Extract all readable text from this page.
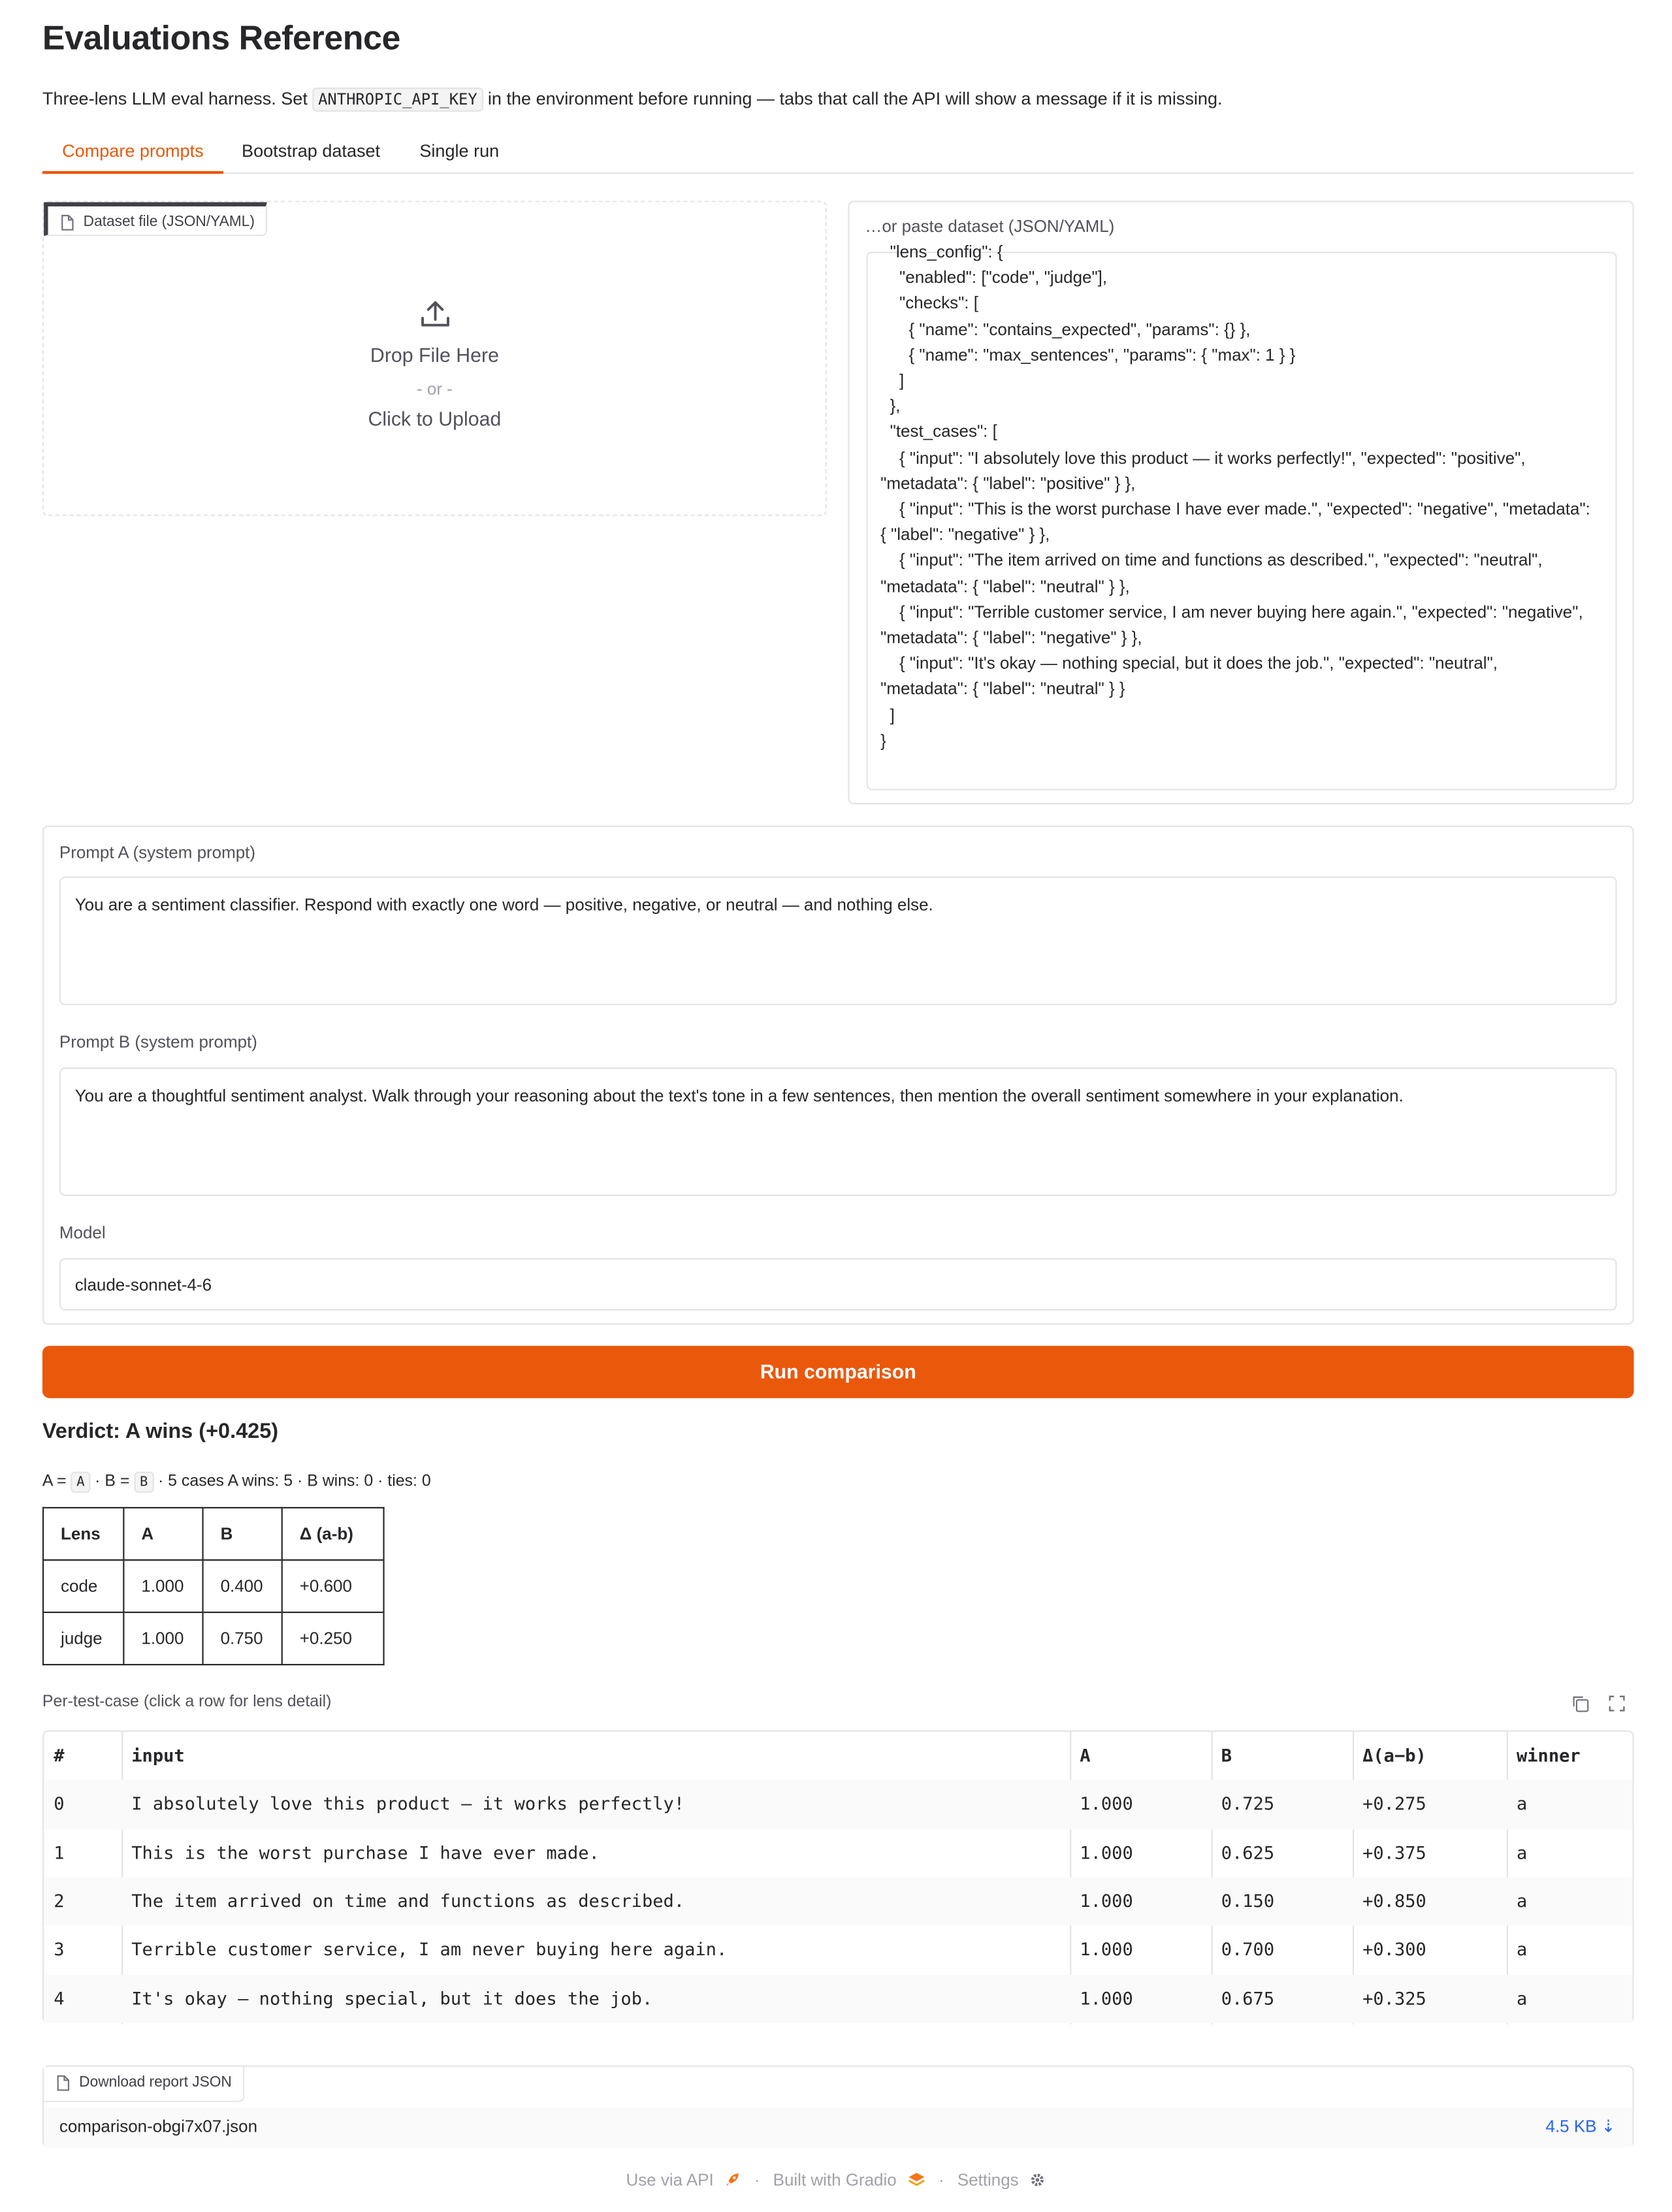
Evaluations Reference
Three-lens LLM eval harness. Set ANTHROPIC_API_KEY in the environment before running — tabs that call the API will show a message if it is missing.
Compare prompts	Bootstrap dataset	Single run
Dataset file (JSON/YAML)
Drop File Here
- or -
Click to Upload
…or paste dataset (JSON/YAML)
"lens_config": {
"enabled": ["code", "judge"],
"checks": [
{ "name": "contains_expected", "params": {} },
{ "name": "max_sentences", "params": { "max": 1 } }
]
},
"test_cases": [
{ "input": "I absolutely love this product — it works perfectly!", "expected": "positive",
"metadata": { "label": "positive" } },
{ "input": "This is the worst purchase I have ever made.", "expected": "negative", "metadata":
{ "label": "negative" } },
{ "input": "The item arrived on time and functions as described.", "expected": "neutral",
"metadata": { "label": "neutral" } },
{ "input": "Terrible customer service, I am never buying here again.", "expected": "negative",
"metadata": { "label": "negative" } },
{ "input": "It's okay — nothing special, but it does the job.", "expected": "neutral",
"metadata": { "label": "neutral" } }
]
}
Prompt A (system prompt)
You are a sentiment classifier. Respond with exactly one word — positive, negative, or neutral — and nothing else.
Prompt B (system prompt)
You are a thoughtful sentiment analyst. Walk through your reasoning about the text's tone in a few sentences, then mention the overall sentiment somewhere in your explanation.
Model
claude-sonnet-4-6
Run comparison
Verdict: A wins (+0.425)
A = A · B = B · 5 cases A wins: 5 · B wins: 0 · ties: 0
Lens	A	B	Δ (a-b)
code	1.000	0.400	+0.600
judge	1.000	0.750	+0.250
Per-test-case (click a row for lens detail)
#	input	A	B	Δ(a−b)	winner
0	I absolutely love this product — it works perfectly!	1.000	0.725	+0.275	a
1	This is the worst purchase I have ever made.	1.000	0.625	+0.375	a
2	The item arrived on time and functions as described.	1.000	0.150	+0.850	a
3	Terrible customer service, I am never buying here again.	1.000	0.700	+0.300	a
4	It's okay — nothing special, but it does the job.	1.000	0.675	+0.325	a
Download report JSON
comparison-obgi7x07.json	4.5 KB ⇣
Use via API	· Built with Gradio	· Settings
